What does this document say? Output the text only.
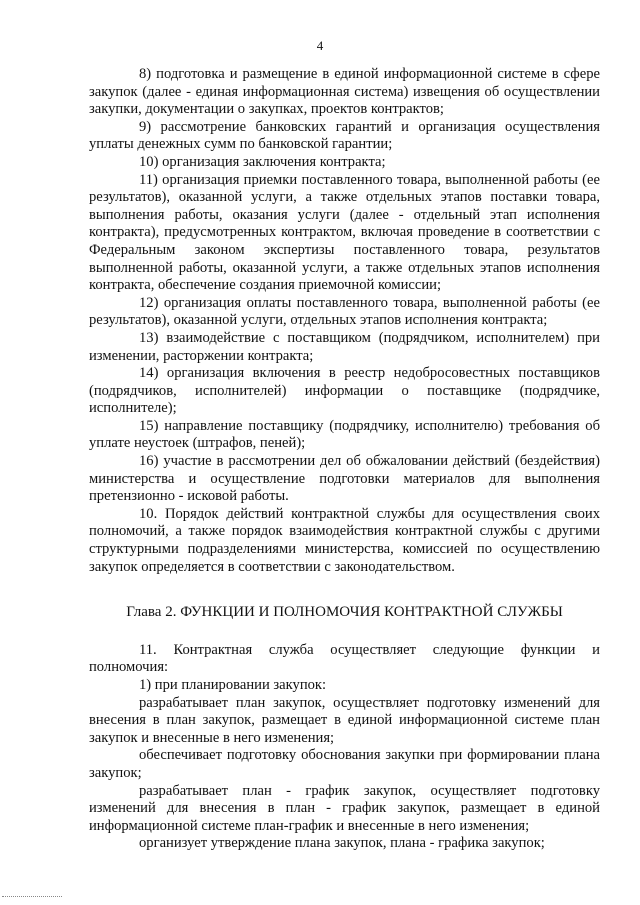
4

8) подготовка и размещение в единой информационной системе в сфере закупок (далее - единая информационная система) извещения об осуществлении закупки, документации о закупках, проектов контрактов;

9) рассмотрение банковских гарантий и организация осуществления уплаты денежных сумм по банковской гарантии;

10) организация заключения контракта;

11) организация приемки поставленного товара, выполненной работы (ее результатов), оказанной услуги, а также отдельных этапов поставки товара, выполнения работы, оказания услуги (далее - отдельный этап исполнения контракта), предусмотренных контрактом, включая проведение в соответствии с Федеральным законом экспертизы поставленного товара, результатов выполненной работы, оказанной услуги, а также отдельных этапов исполнения контракта, обеспечение создания приемочной комиссии;

12) организация оплаты поставленного товара, выполненной работы (ее результатов), оказанной услуги, отдельных этапов исполнения контракта;

13) взаимодействие с поставщиком (подрядчиком, исполнителем) при изменении, расторжении контракта;

14) организация включения в реестр недобросовестных поставщиков (подрядчиков, исполнителей) информации о поставщике (подрядчике, исполнителе);

15) направление поставщику (подрядчику, исполнителю) требования об уплате неустоек (штрафов, пеней);

16) участие в рассмотрении дел об обжаловании действий (бездействия) министерства и осуществление подготовки материалов для выполнения претензионно - исковой работы.

10. Порядок действий контрактной службы для осуществления своих полномочий, а также порядок взаимодействия контрактной службы с другими структурными подразделениями министерства, комиссией по осуществлению закупок определяется в соответствии с законодательством.

Глава 2. ФУНКЦИИ И ПОЛНОМОЧИЯ КОНТРАКТНОЙ СЛУЖБЫ

11. Контрактная служба осуществляет следующие функции и полномочия:

1) при планировании закупок:

разрабатывает план закупок, осуществляет подготовку изменений для внесения в план закупок, размещает в единой информационной системе план закупок и внесенные в него изменения;

обеспечивает подготовку обоснования закупки при формировании плана закупок;

разрабатывает план - график закупок, осуществляет подготовку изменений для внесения в план - график закупок, размещает в единой информационной системе план-график и внесенные в него изменения;

организует утверждение плана закупок, плана - графика закупок;
